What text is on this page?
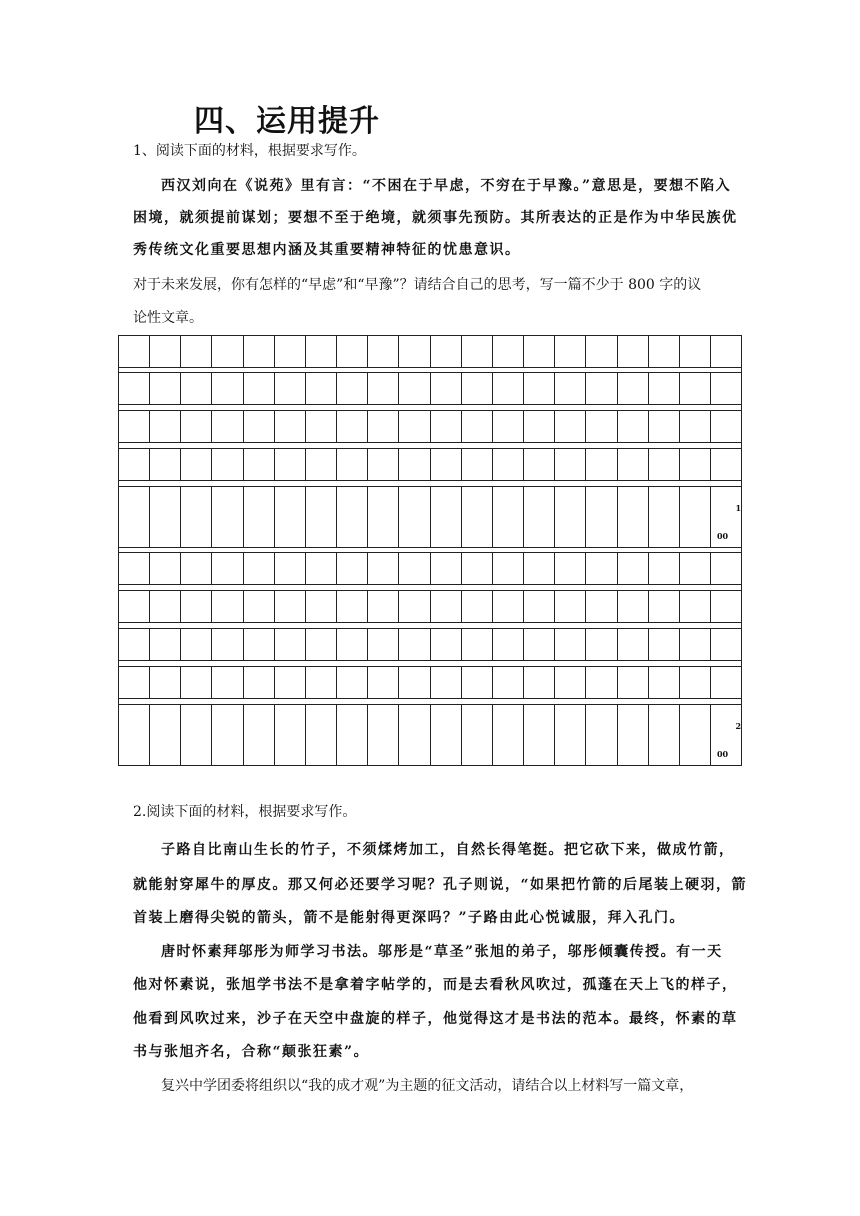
四、运用提升
1、阅读下面的材料，根据要求写作。
西汉刘向在《说苑》里有言：“不困在于早虑，不穷在于早豫。”意思是，要想不陷入
困境，就须提前谋划；要想不至于绝境，就须事先预防。其所表达的正是作为中华民族优
秀传统文化重要思想内涵及其重要精神特征的忧患意识。
对于未来发展，你有怎样的“早虑”和“早豫”？请结合自己的思考，写一篇不少于 800 字的议
论性文章。
1
00
2
00
2.阅读下面的材料，根据要求写作。
子路自比南山生长的竹子，不须煣烤加工，自然长得笔挺。把它砍下来，做成竹箭，
就能射穿犀牛的厚皮。那又何必还要学习呢？孔子则说，“如果把竹箭的后尾装上硬羽，箭
首装上磨得尖锐的箭头，箭不是能射得更深吗？”子路由此心悦诚服，拜入孔门。
唐时怀素拜邬彤为师学习书法。邬彤是“草圣”张旭的弟子，邬彤倾囊传授。有一天
他对怀素说，张旭学书法不是拿着字帖学的，而是去看秋风吹过，孤蓬在天上飞的样子，
他看到风吹过来，沙子在天空中盘旋的样子，他觉得这才是书法的范本。最终，怀素的草
书与张旭齐名，合称“颠张狂素”。
复兴中学团委将组织以“我的成才观”为主题的征文活动，请结合以上材料写一篇文章，
